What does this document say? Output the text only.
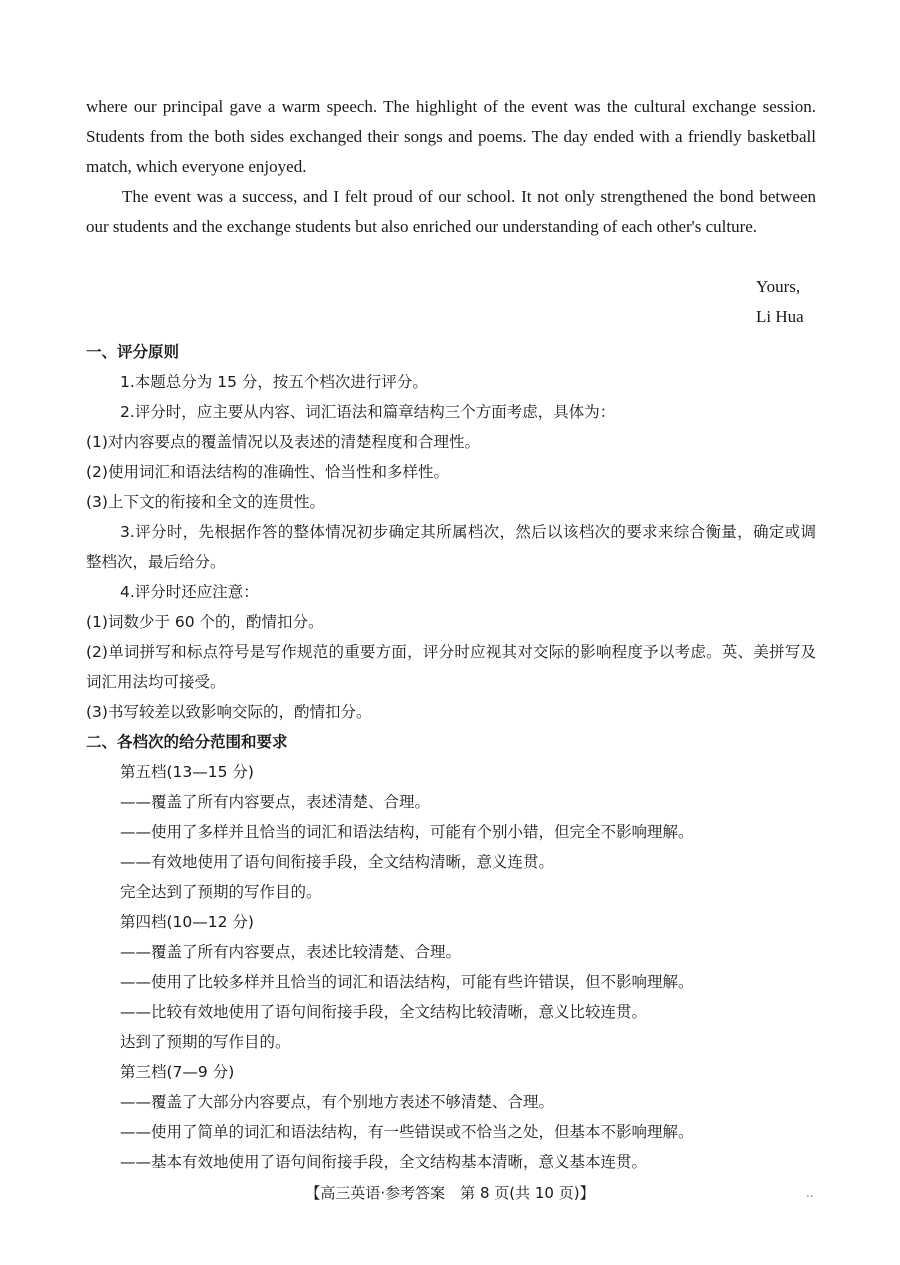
where our principal gave a warm speech. The highlight of the event was the cultural exchange session. Students from the both sides exchanged their songs and poems. The day ended with a friendly basketball match, which everyone enjoyed.

The event was a success, and I felt proud of our school. It not only strengthened the bond between our students and the exchange students but also enriched our understanding of each other's culture.

Yours,
Li Hua
一、评分原则
1.本题总分为 15 分，按五个档次进行评分。
2.评分时，应主要从内容、词汇语法和篇章结构三个方面考虑，具体为：
(1)对内容要点的覆盖情况以及表述的清楚程度和合理性。
(2)使用词汇和语法结构的准确性、恰当性和多样性。
(3)上下文的衔接和全文的连贯性。
3.评分时，先根据作答的整体情况初步确定其所属档次，然后以该档次的要求来综合衡量，确定或调整档次，最后给分。
4.评分时还应注意：
(1)词数少于 60 个的，酌情扣分。
(2)单词拼写和标点符号是写作规范的重要方面，评分时应视其对交际的影响程度予以考虑。英、美拼写及词汇用法均可接受。
(3)书写较差以致影响交际的，酌情扣分。
二、各档次的给分范围和要求
第五档(13—15 分)
——覆盖了所有内容要点，表述清楚、合理。
——使用了多样并且恰当的词汇和语法结构，可能有个别小错，但完全不影响理解。
——有效地使用了语句间衔接手段，全文结构清晰，意义连贯。
完全达到了预期的写作目的。
第四档(10—12 分)
——覆盖了所有内容要点，表述比较清楚、合理。
——使用了比较多样并且恰当的词汇和语法结构，可能有些许错误，但不影响理解。
——比较有效地使用了语句间衔接手段，全文结构比较清晰，意义比较连贯。
达到了预期的写作目的。
第三档(7—9 分)
——覆盖了大部分内容要点，有个别地方表述不够清楚、合理。
——使用了简单的词汇和语法结构，有一些错误或不恰当之处，但基本不影响理解。
——基本有效地使用了语句间衔接手段，全文结构基本清晰，意义基本连贯。
【高三英语·参考答案　第 8 页(共 10 页)】	..
